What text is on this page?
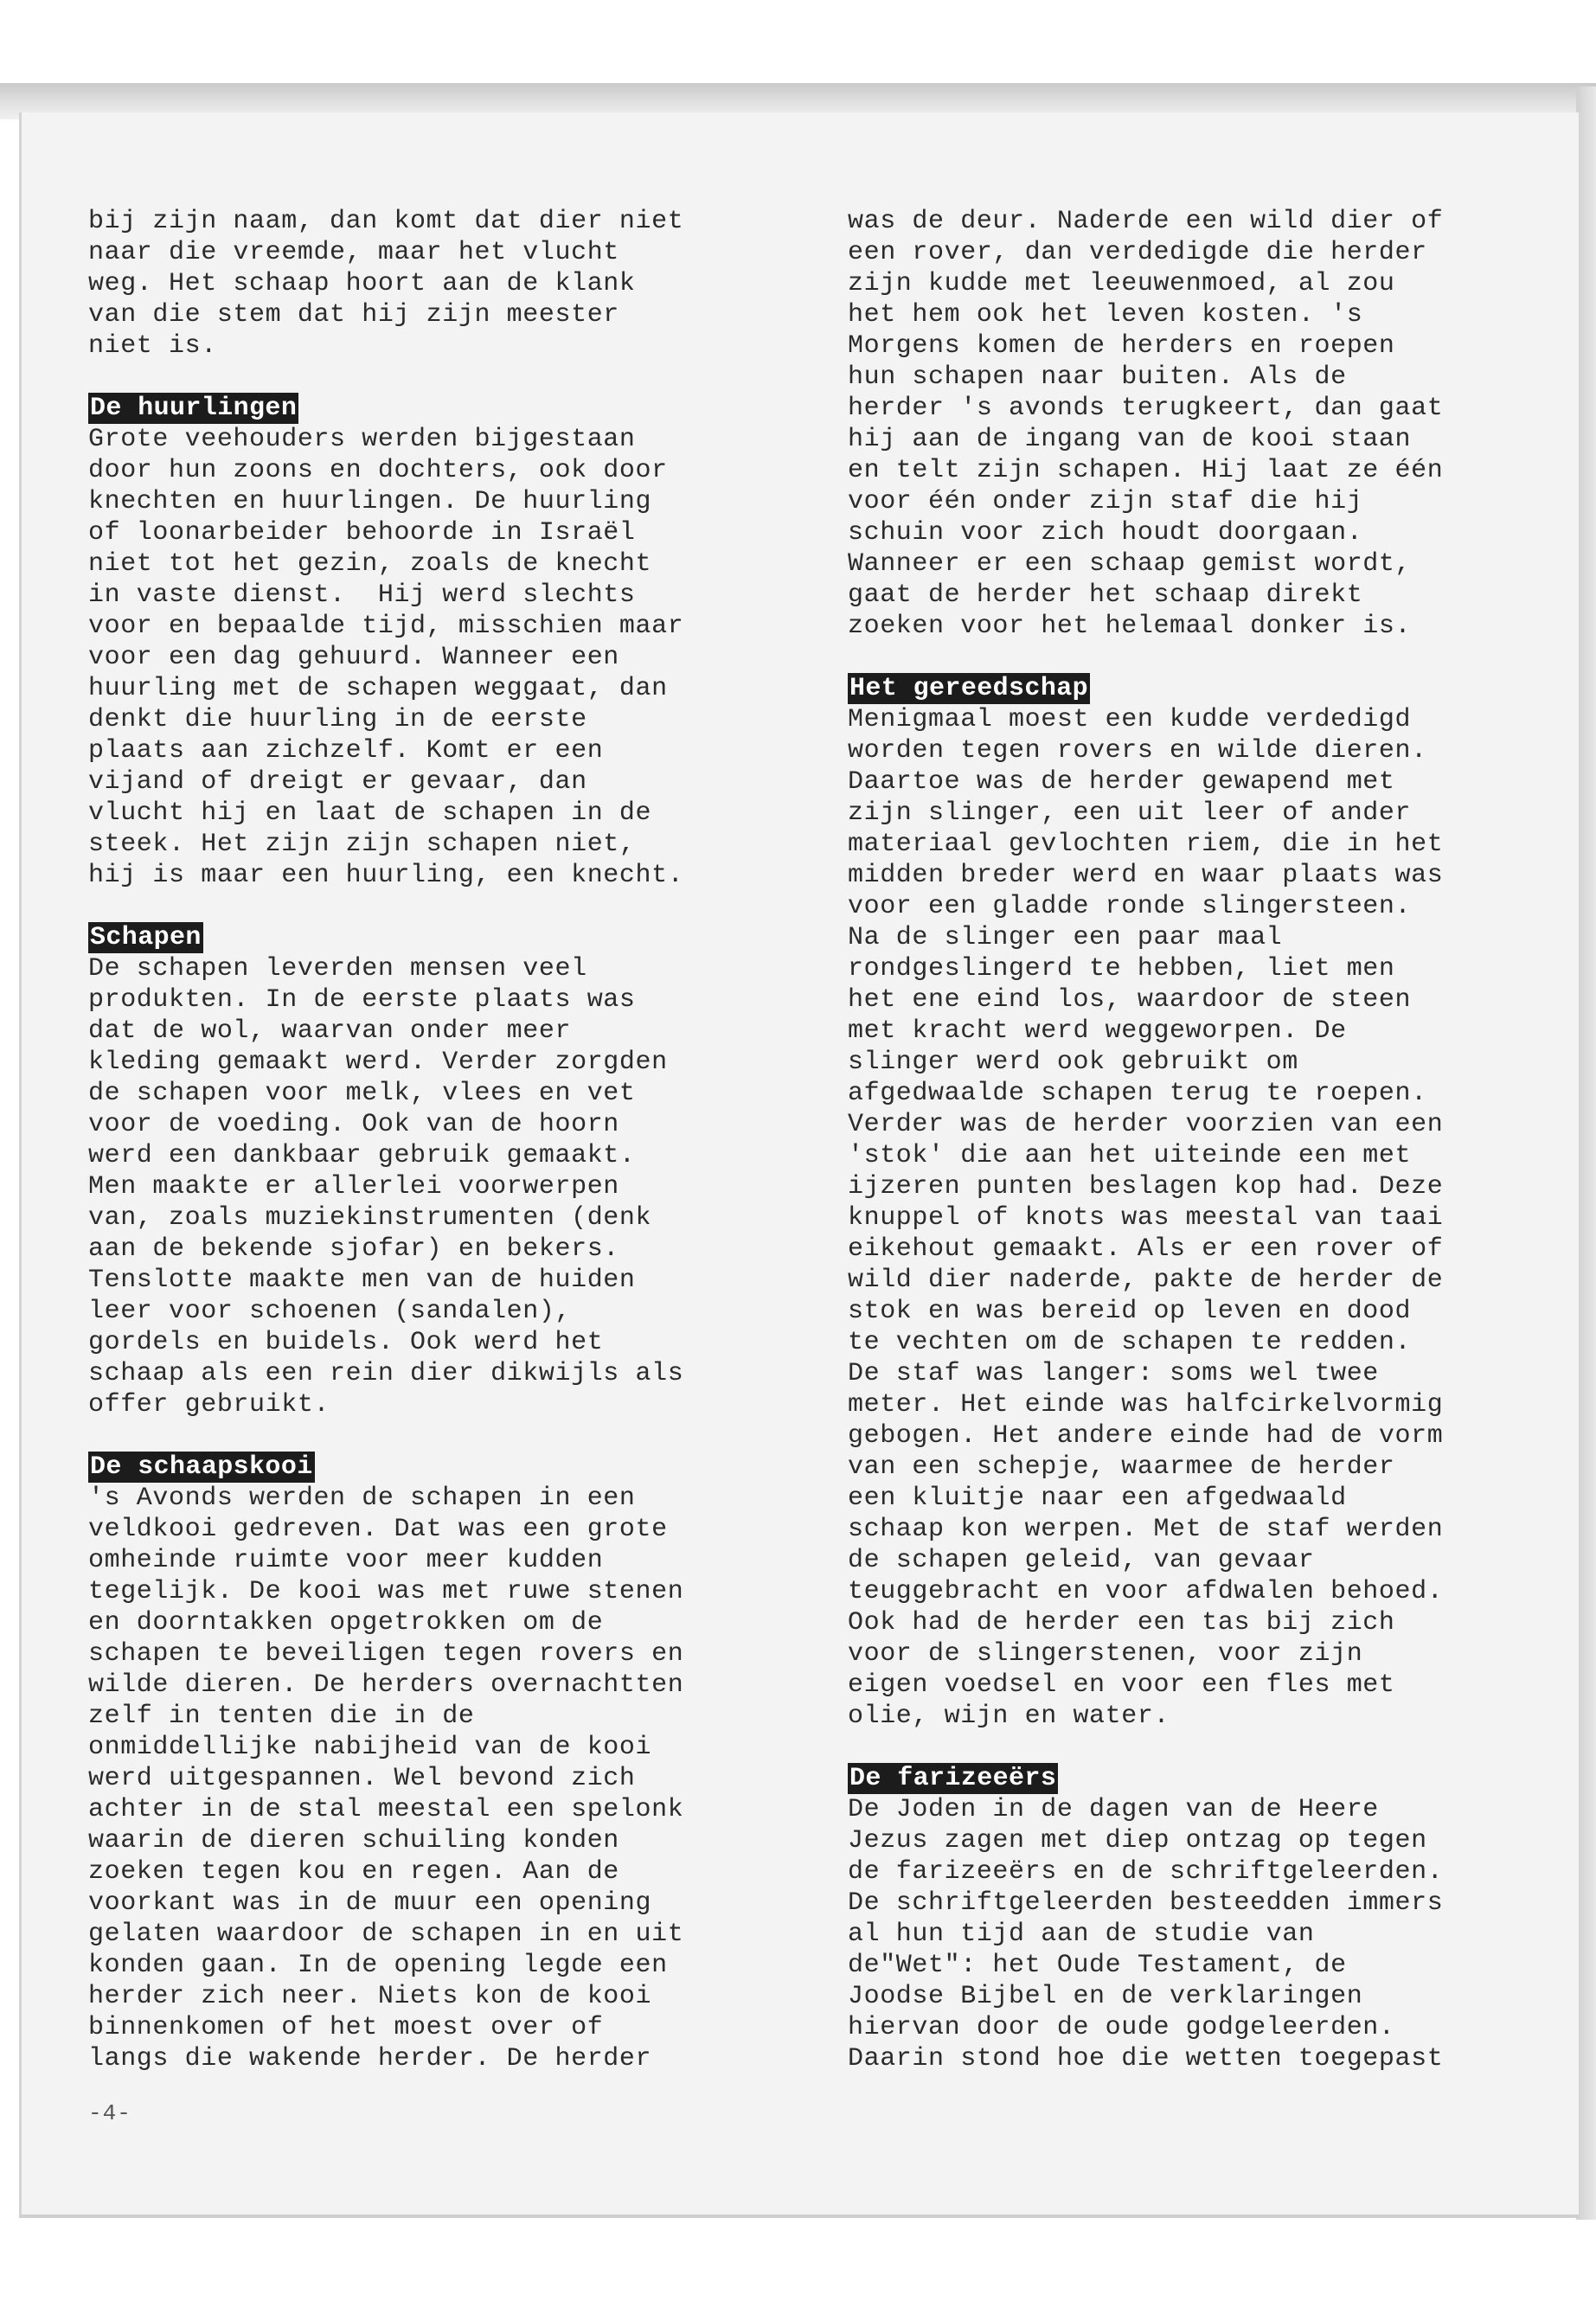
bij zijn naam, dan komt dat dier niet
naar die vreemde, maar het vlucht
weg. Het schaap hoort aan de klank
van die stem dat hij zijn meester
niet is.

De huurlingen

Grote veehouders werden bijgestaan
door hun zoons en dochters, ook door
knechten en huurlingen. De huurling
of loonarbeider behoorde in Israël
niet tot het gezin, zoals de knecht
in vaste dienst.  Hij werd slechts
voor en bepaalde tijd, misschien maar
voor een dag gehuurd. Wanneer een
huurling met de schapen weggaat, dan
denkt die huurling in de eerste
plaats aan zichzelf. Komt er een
vijand of dreigt er gevaar, dan
vlucht hij en laat de schapen in de
steek. Het zijn zijn schapen niet,
hij is maar een huurling, een knecht.

Schapen

De schapen leverden mensen veel
produkten. In de eerste plaats was
dat de wol, waarvan onder meer
kleding gemaakt werd. Verder zorgden
de schapen voor melk, vlees en vet
voor de voeding. Ook van de hoorn
werd een dankbaar gebruik gemaakt.
Men maakte er allerlei voorwerpen
van, zoals muziekinstrumenten (denk
aan de bekende sjofar) en bekers.
Tenslotte maakte men van de huiden
leer voor schoenen (sandalen),
gordels en buidels. Ook werd het
schaap als een rein dier dikwijls als
offer gebruikt.

De schaapskooi

's Avonds werden de schapen in een
veldkooi gedreven. Dat was een grote
omheinde ruimte voor meer kudden
tegelijk. De kooi was met ruwe stenen
en doorntakken opgetrokken om de
schapen te beveiligen tegen rovers en
wilde dieren. De herders overnachtten
zelf in tenten die in de
onmiddellijke nabijheid van de kooi
werd uitgespannen. Wel bevond zich
achter in de stal meestal een spelonk
waarin de dieren schuiling konden
zoeken tegen kou en regen. Aan de
voorkant was in de muur een opening
gelaten waardoor de schapen in en uit
konden gaan. In de opening legde een
herder zich neer. Niets kon de kooi
binnenkomen of het moest over of
langs die wakende herder. De herder

was de deur. Naderde een wild dier of
een rover, dan verdedigde die herder
zijn kudde met leeuwenmoed, al zou
het hem ook het leven kosten. 's
Morgens komen de herders en roepen
hun schapen naar buiten. Als de
herder 's avonds terugkeert, dan gaat
hij aan de ingang van de kooi staan
en telt zijn schapen. Hij laat ze één
voor één onder zijn staf die hij
schuin voor zich houdt doorgaan.
Wanneer er een schaap gemist wordt,
gaat de herder het schaap direkt
zoeken voor het helemaal donker is.

Het gereedschap

Menigmaal moest een kudde verdedigd
worden tegen rovers en wilde dieren.
Daartoe was de herder gewapend met
zijn slinger, een uit leer of ander
materiaal gevlochten riem, die in het
midden breder werd en waar plaats was
voor een gladde ronde slingersteen.
Na de slinger een paar maal
rondgeslingerd te hebben, liet men
het ene eind los, waardoor de steen
met kracht werd weggeworpen. De
slinger werd ook gebruikt om
afgedwaalde schapen terug te roepen.
Verder was de herder voorzien van een
'stok' die aan het uiteinde een met
ijzeren punten beslagen kop had. Deze
knuppel of knots was meestal van taai
eikehout gemaakt. Als er een rover of
wild dier naderde, pakte de herder de
stok en was bereid op leven en dood
te vechten om de schapen te redden.
De staf was langer: soms wel twee
meter. Het einde was halfcirkelvormig
gebogen. Het andere einde had de vorm
van een schepje, waarmee de herder
een kluitje naar een afgedwaald
schaap kon werpen. Met de staf werden
de schapen geleid, van gevaar
teuggebracht en voor afdwalen behoed.
Ook had de herder een tas bij zich
voor de slingerstenen, voor zijn
eigen voedsel en voor een fles met
olie, wijn en water.

De farizeeërs

De Joden in de dagen van de Heere
Jezus zagen met diep ontzag op tegen
de farizeeërs en de schriftgeleerden.
De schriftgeleerden besteedden immers
al hun tijd aan de studie van
de"Wet": het Oude Testament, de
Joodse Bijbel en de verklaringen
hiervan door de oude godgeleerden.
Daarin stond hoe die wetten toegepast

-4-
